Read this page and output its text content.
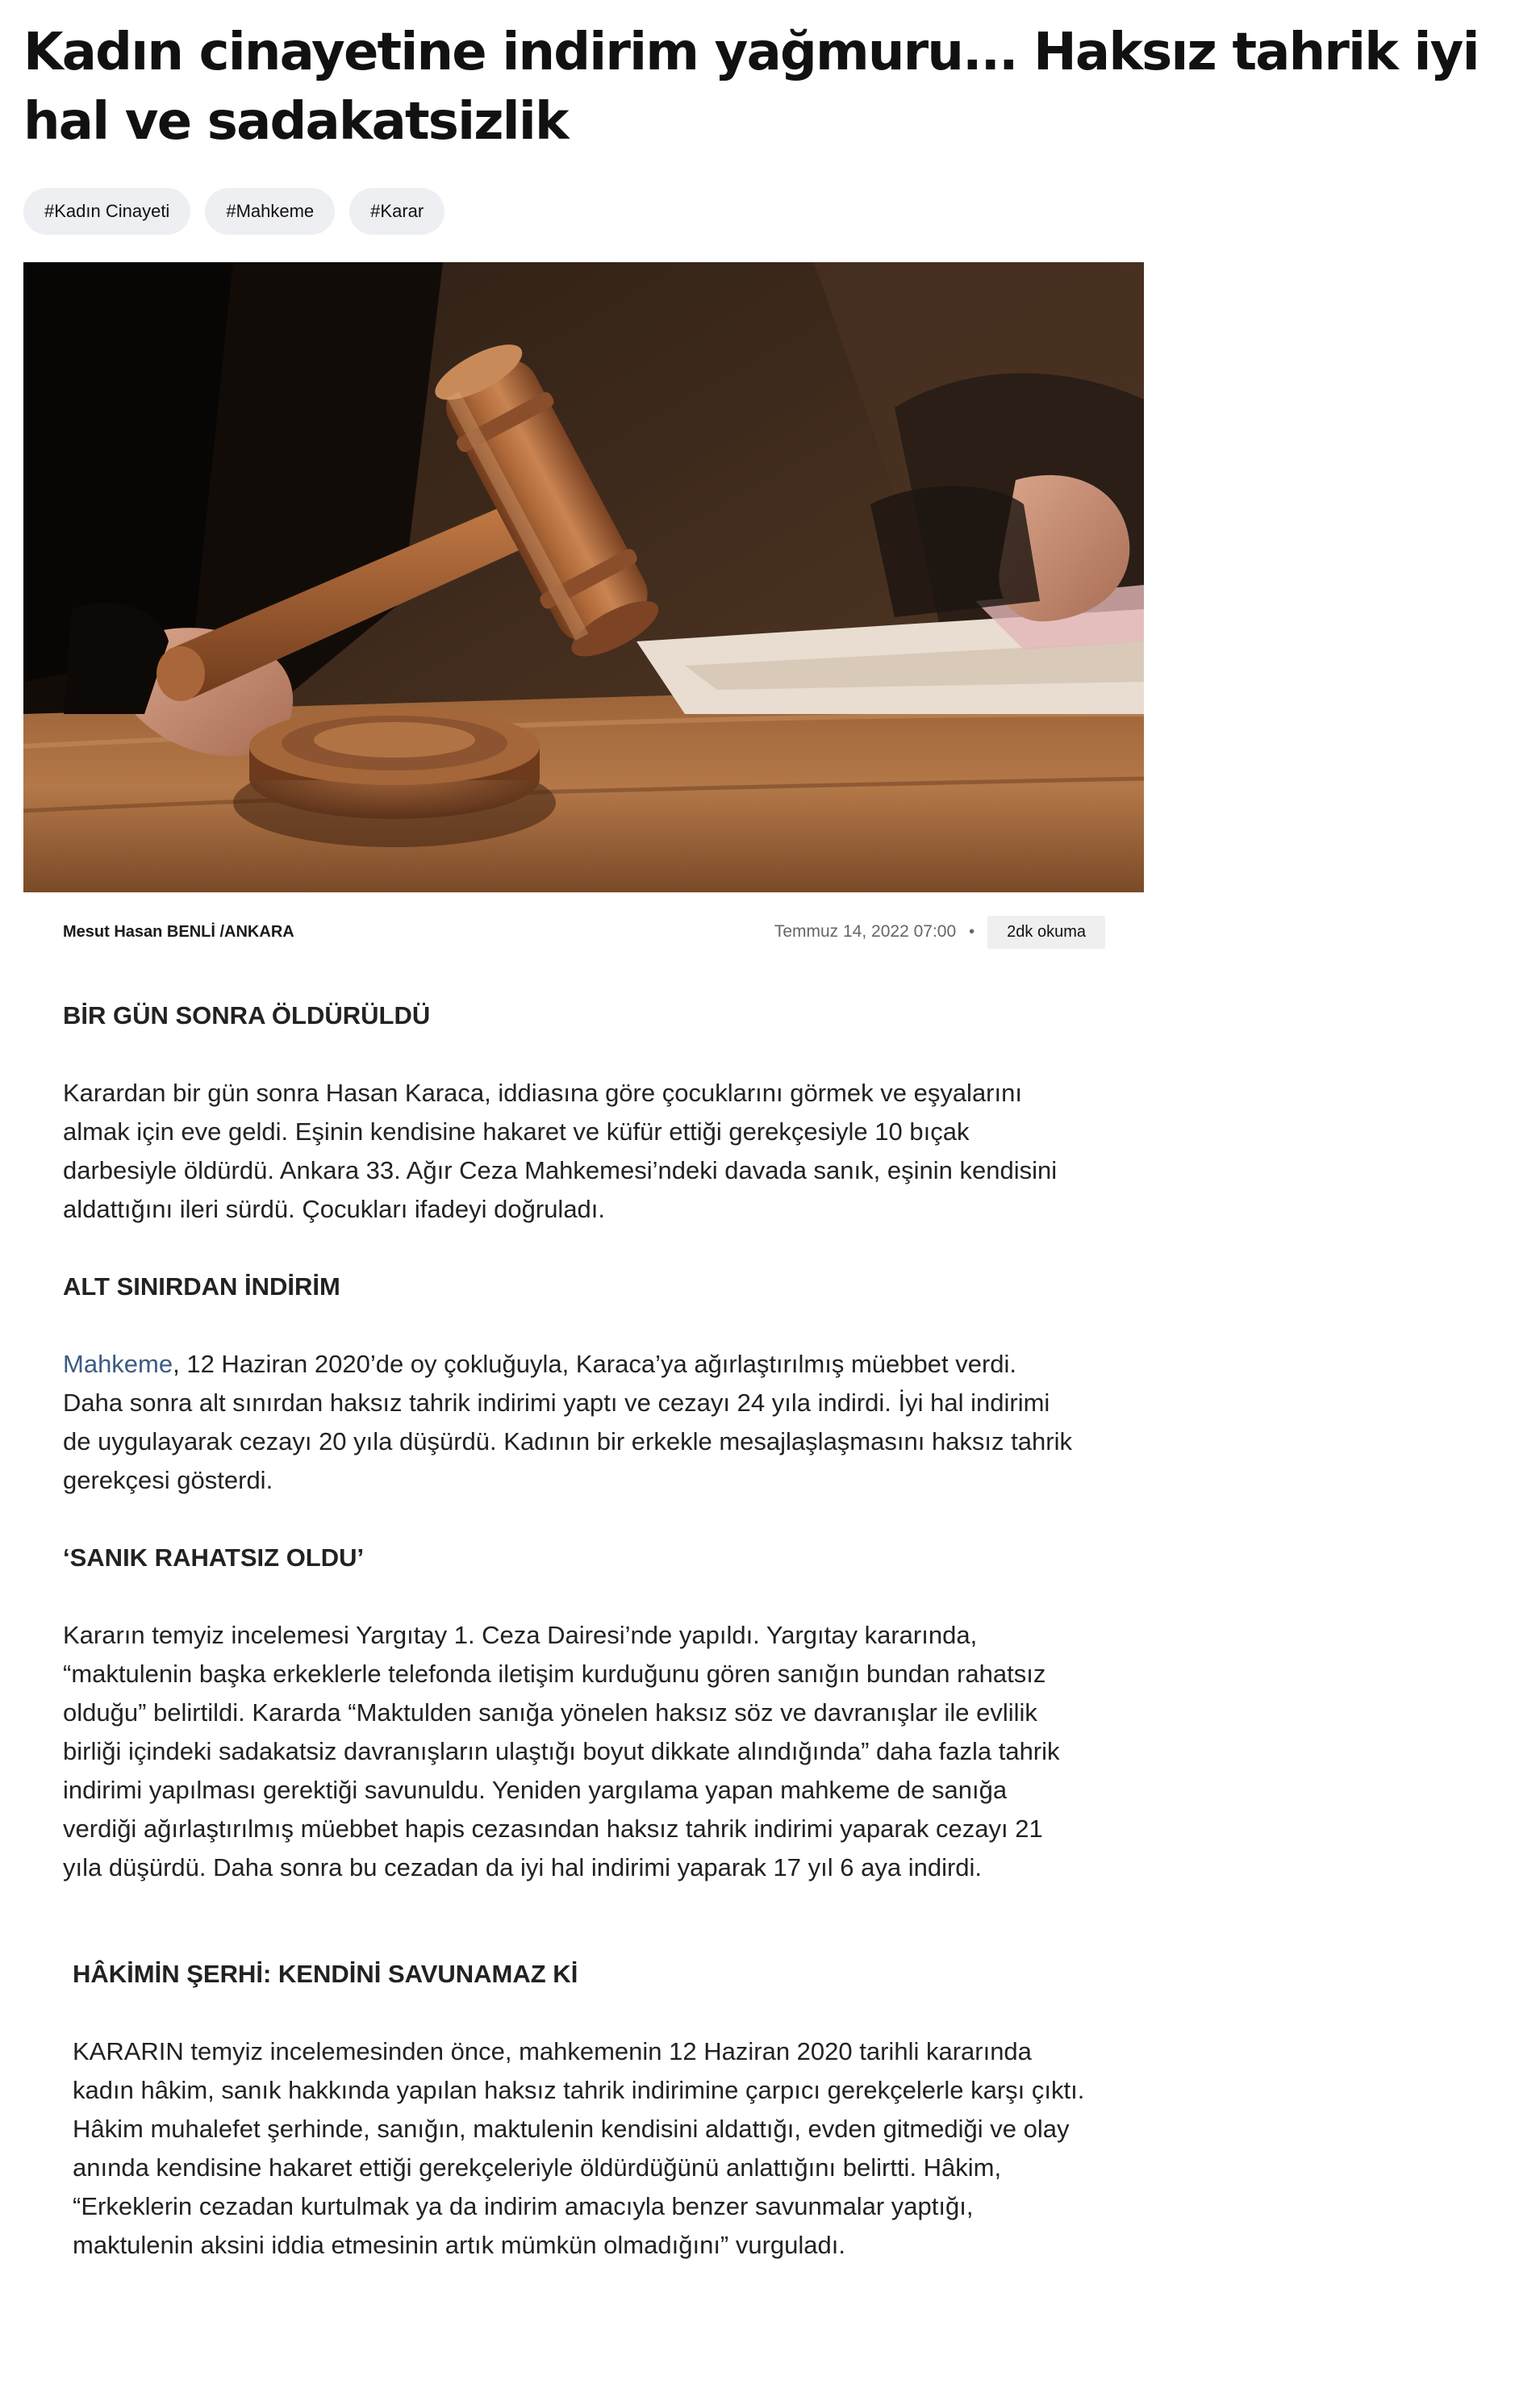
Kadın cinayetine indirim yağmuru... Haksız tahrik iyi hal ve sadakatsizlik
#Kadın Cinayeti	#Mahkeme	#Karar
Mesut Hasan BENLİ /ANKARA	Temmuz 14, 2022 07:00 •	2dk okuma

BİR GÜN SONRA ÖLDÜRÜLDÜ

Karardan bir gün sonra Hasan Karaca, iddiasına göre çocuklarını görmek ve eşyalarını
almak için eve geldi. Eşinin kendisine hakaret ve küfür ettiği gerekçesiyle 10 bıçak
darbesiyle öldürdü. Ankara 33. Ağır Ceza Mahkemesi’ndeki davada sanık, eşinin kendisini
aldattığını ileri sürdü. Çocukları ifadeyi doğruladı.

ALT SINIRDAN İNDİRİM

Mahkeme, 12 Haziran 2020’de oy çokluğuyla, Karaca’ya ağırlaştırılmış müebbet verdi.
Daha sonra alt sınırdan haksız tahrik indirimi yaptı ve cezayı 24 yıla indirdi. İyi hal indirimi
de uygulayarak cezayı 20 yıla düşürdü. Kadının bir erkekle mesajlaşlaşmasını haksız tahrik
gerekçesi gösterdi.

‘SANIK RAHATSIZ OLDU’

Kararın temyiz incelemesi Yargıtay 1. Ceza Dairesi’nde yapıldı. Yargıtay kararında,
“maktulenin başka erkeklerle telefonda iletişim kurduğunu gören sanığın bundan rahatsız
olduğu” belirtildi. Kararda “Maktulden sanığa yönelen haksız söz ve davranışlar ile evlilik
birliği içindeki sadakatsiz davranışların ulaştığı boyut dikkate alındığında” daha fazla tahrik
indirimi yapılması gerektiği savunuldu. Yeniden yargılama yapan mahkeme de sanığa
verdiği ağırlaştırılmış müebbet hapis cezasından haksız tahrik indirimi yaparak cezayı 21
yıla düşürdü. Daha sonra bu cezadan da iyi hal indirimi yaparak 17 yıl 6 aya indirdi.

HÂKİMİN ŞERHİ: KENDİNİ SAVUNAMAZ Kİ

KARARIN temyiz incelemesinden önce, mahkemenin 12 Haziran 2020 tarihli kararında
kadın hâkim, sanık hakkında yapılan haksız tahrik indirimine çarpıcı gerekçelerle karşı çıktı.
Hâkim muhalefet şerhinde, sanığın, maktulenin kendisini aldattığı, evden gitmediği ve olay
anında kendisine hakaret ettiği gerekçeleriyle öldürdüğünü anlattığını belirtti. Hâkim,
“Erkeklerin cezadan kurtulmak ya da indirim amacıyla benzer savunmalar yaptığı,
maktulenin aksini iddia etmesinin artık mümkün olmadığını” vurguladı.
